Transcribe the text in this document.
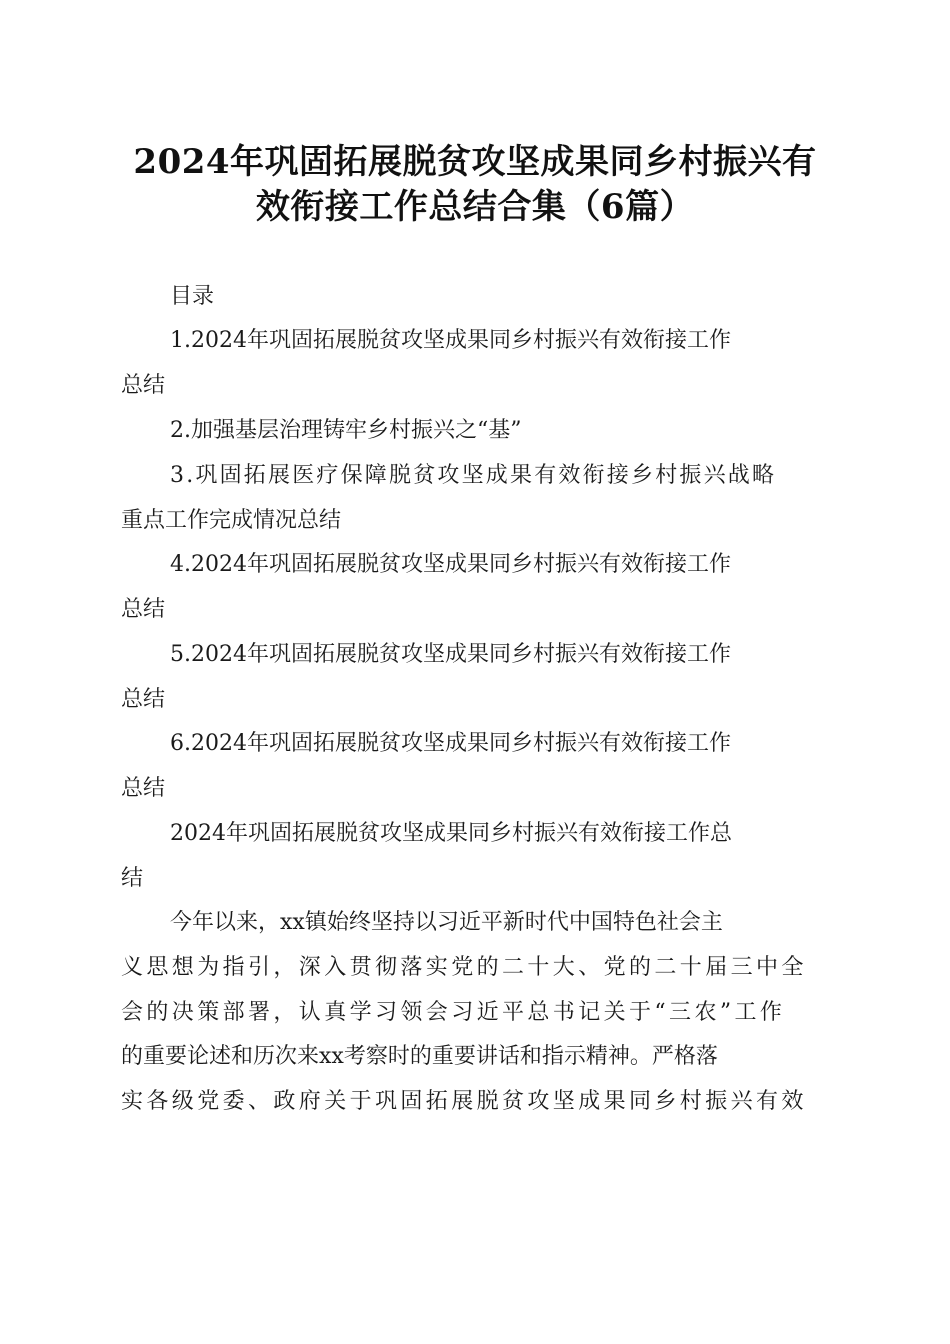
2024年巩固拓展脱贫攻坚成果同乡村振兴有
效衔接工作总结合集（6篇）
目录
1.2024年巩固拓展脱贫攻坚成果同乡村振兴有效衔接工作
总结
2.加强基层治理铸牢乡村振兴之“基”
3.巩固拓展医疗保障脱贫攻坚成果有效衔接乡村振兴战略
重点工作完成情况总结
4.2024年巩固拓展脱贫攻坚成果同乡村振兴有效衔接工作
总结
5.2024年巩固拓展脱贫攻坚成果同乡村振兴有效衔接工作
总结
6.2024年巩固拓展脱贫攻坚成果同乡村振兴有效衔接工作
总结
2024年巩固拓展脱贫攻坚成果同乡村振兴有效衔接工作总
结
今年以来，xx镇始终坚持以习近平新时代中国特色社会主
义思想为指引，深入贯彻落实党的二十大、党的二十届三中全
会的决策部署，认真学习领会习近平总书记关于“三农”工作
的重要论述和历次来xx考察时的重要讲话和指示精神。严格落
实各级党委、政府关于巩固拓展脱贫攻坚成果同乡村振兴有效
